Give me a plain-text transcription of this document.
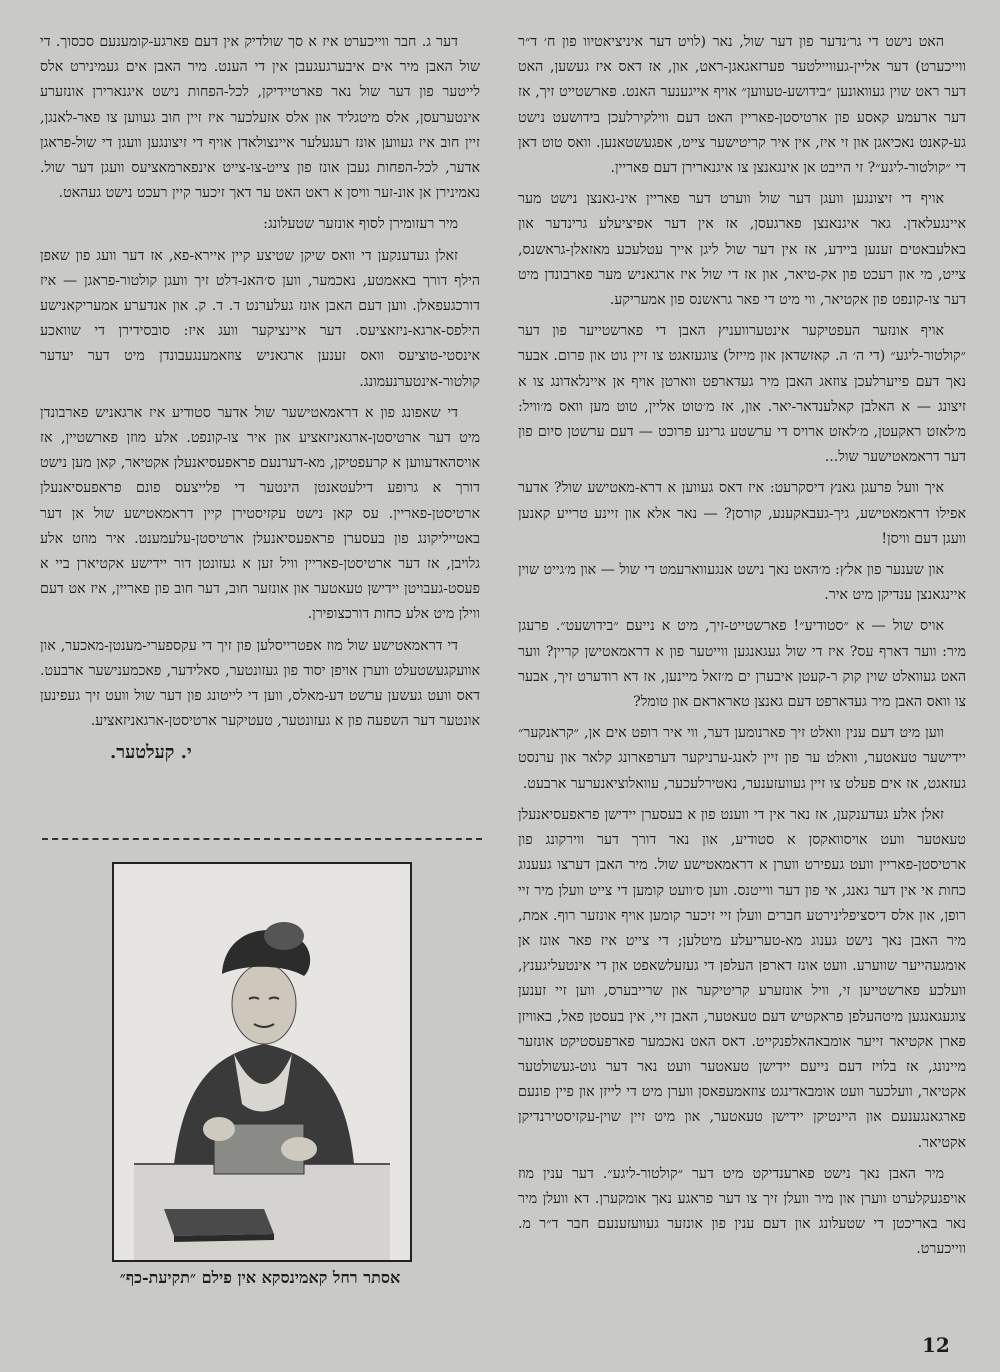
האט נישט די גר׳נדער פון דער שול, נאר (לויט דער איניציאטיוו פון ח׳ ד״ר ווייכערט) דער אליין-געוויילטער פערזאגאגן-ראט, און, אז דאס איז געשען, האט דער ראט שוין געוואונען ״בידושע-טעווען״ אויף אייגענער האנט. פארשטייט זיך, אז דער ארעמע קאסע פון ארטיסטן-פאריין האט דעם ווילקירלעכן בידושעט נישט גע-קאנט נאכיאגן און זי איז, אין איר קריטישער צייט, אפגעשטאנען. וואס טוט דאן די ״קולטור-ליגע״? זי הייבט אן אינגאנצן צו איגנארירן דעם פאריין.

אויף די זיצונגען וועגן דער שול ווערט דער פאריין אינ-גאנצן נישט מער איינגעלאדן. גאר איגנאנצן פארגעסן, אז אין דער אפיציעלע גרינדער און באלעבאטים זענען ביידע, אז אין דער שול ליגן אייך עטלעכע מאזאלן-גראשנס, צייט, מי און רעכט פון אק-טיאר, און אז די שול איז ארגאניש מער פארבונדן מיט דער צו-קונפט פון אקטיאר, ווי מיט די פאר גראשנס פון אמעריקע.

אויף אונזער העפטיקער אינטערוועניץ האבן די פארשטייער פון דער ״קולטור-ליגע״ (די ה׳ ה. קאזשדאן און מייזל) צוגעזאגט צו זיין גוט און פרום. אבער נאך דעם פייערלעכן צוזאג האבן מיר געדארפט ווארטן אויף אן איינלאדונג צו א זיצונג — א האלבן קאלענדאר-יאר. און, אז מ׳טוט אליין, טוט מען וואס מ׳וויל: מ׳לאזט ראקעטן, מ׳לאזט ארויס די ערשטע גרינע פרוכט — דעם ערשטן סיום פון דער דראמאטישער שול...

איך וועל פרעגן גאנץ דיסקרעט: איז דאס געווען א דרא-מאטישע שול? אדער אפילו דראמאטישע, גיך-געבאקענע, קורסן? — נאר אלא און זיינע טרייע קאנען וועגן דעם וויסן!

און שענער פון אלץ: מ׳האט נאך נישט אנגעווארעמט די שול — און מ׳גייט שוין איינגאנצן ענדיקן מיט איר.

אויס שול — א ״סטודיע״! פארשטייט-זיך, מיט א נייעם ״בידושעט״. פרעגן מיר: ווער דארף עס? איז די שול געגאנגען ווייטער פון א דראמאטישן קריין? ווער האט געוואלט שוין קוק ר-קעטן איבערן ים מ׳זאל מיינען, אז דא רודערט זיך, אבער צו וואס האבן מיר געדארפט דעם גאנצן טאראראם און טומל?

ווען מיט דעם ענין וואלט זיך פארנומען דער, ווי איר רופט אים אן, ״קראנקער״ יידישער טעאטער, וואלט ער פון זיין לאנג-ערניקער דערפארונג קלאר און ערנסט געזאגט, אז אים פעלט צו זיין געוועזענער, נאטירלעכער, עוואלוציאנערער ארבעט.

זאלן אלע געדענקען, אז נאר אין די ווענט פון א בעסערן יידישן פראפעסיאנעלן טעאטער וועט אויסוואקסן א סטודיע, און נאר דורך דער ווירקונג פון ארטיסטן-פאריין וועט געפירט ווערן א דראמאטישע שול. מיר האבן דערצו געענוג כחות אי אין דער גאנג, אי פון דער ווייטנס. ווען ס׳וועט קומען די צייט וועלן מיר זיי רופן, און אלס דיסציפלינירטע חברים וועלן זיי זיכער קומען אויף אונזער רוף. אמת, מיר האבן נאך נישט גענוג מא-טעריעלע מיטלען; די צייט איז פאר אונז אן אומגעהייער שווערע. וועט אונז דארפן העלפן די געזעלשאפט און די אינטעליגענץ, וועלכע פארשטייען זי, וויל אונזערע קריטיקער און שרייבערס, ווען זיי זענען צוגעגאנגען מיטהעלפן פראקטיש דעם טעאטער, האבן זיי, אין בעסטן פאל, באוויזן פארן אקטיאר זייער אומבאהאלפנקייט. דאס האט נאכמער פארפעסטיקט אונזער מיינונג, אז בלויז דעם נייעם יידישן טעאטער וועט נאר דער גוט-געשולטער אקטיאר, וועלכער וועט אומבאדינגט צוזאמעפאסן ווערן מיט די לייזן און פיין פונעם פארגאנגענעם און היינטיקן יידישן טעאטער, און מיט זיין שוין-עקזיסטירנדיקן אקטיאר.

מיר האבן נאך נישט פארענדיקט מיט דער ״קולטור-ליגע״. דער ענין מוז אויפגעקלערט ווערן און מיר וועלן זיך צו דער פראגע נאך אומקערן. דא וועלן מיר נאר באריכטן די שטעלונג און דעם ענין פון אונזער געוועזענעם חבר ד״ר מ. ווייכערט.

דער ג. חבר ווייכערט איז א סך שולדיק אין דעם פארגע-קומענעם סכסוך. די שול האבן מיר אים איבערגעגעבן אין די הענט. מיר האבן אים געמינירט אלס לייטער פון דער שול נאר פארטיידיקן, לכל-הפחות נישט איגנארירן אונזערע אינטערעסן, אלס מיטגליד און אלס אזעלכער איז זיין חוב געווען צו פאר-לאנגן, זיין חוב איז געווען אונז רעגעלער איינצולאדן אויף די זיצונגען וועגן די שול-פראגן אדער, לכל-הפחות געבן אונז פון צייט-צו-צייט אינפארמאציעס וועגן דער שול. נאמינירן אן אונ-זער וויסן א ראט האט ער דאך זיכער קיין רעכט נישט געהאט.

מיר רעזומירן לסוף אונזער שטעלונג:

זאלן געדענקען די וואס שיקן שטיצע קיין איירא-פא, אז דער וועג פון שאפן הילף דורך באאמטע, נאכמער, ווען ס׳האנ-דלט זיך וועגן קולטור-פראגן — איז דורכגעפאלן. ווען דעם האבן אונז געלערנט ד. ד. ק. און אנדערע אמעריקאנישע הילפס-ארגא-ניזאציעס. דער איינציקער וועג איז: סובסידירן די שוואכע אינסטי-טוציעס וואס זענען ארגאניש צוזאמענגעבונדן מיט דער יעדער קולטור-אינטערנעמונג.

די שאפונג פון א דראמאטישער שול אדער סטודיע איז ארגאניש פארבונדן מיט דער ארטיסטן-ארגאניזאציע און איר צו-קונפט. אלע מוזן פארשטיין, אז אויסהאדעווען א קרעפטיקן, מא-דערנעם פראפעסיאנעלן אקטיאר, קאן מען נישט דורך א גרופע דילעטאנטן הינטער די פלייצעס פונם פראפעסיאנעלן ארטיסטן-פאריין. עס קאן נישט עקזיסטירן קיין דראמאטישע שול אן דער באטייליקונג פון בעסערן פראפעסיאנעלן ארטיסטן-עלעמענט. איר מוזט אלע גלויבן, אז דער ארטיסטן-פאריין וויל זען א געזונטן דור יידישע אקטיארן ביי א פעסט-געבויטן יידישן טעאטער און אונזער חוב, דער חוב פון פאריין, איז אט דעם ווילן מיט אלע כחות דורכצופירן.

די דראמאטישע שול מוז אפטרייסלען פון זיך די עקספערי-מענטן-מאכער, און אוועקגעשטעלט ווערן אויפן יסוד פון געזונטער, סאלידער, פאכמענישער ארבעט. דאס וועט געשען ערשט דע-מאלס, ווען די לייטונג פון דער שול וועט זיך געפינען אונטער דער השפעה פון א געזונטער, טעטיקער ארטיסטן-ארגאניזאציע.

י. קעלטער.
אסתר רחל קאמינסקא אין פילם ״תקיעת-כף״
12
